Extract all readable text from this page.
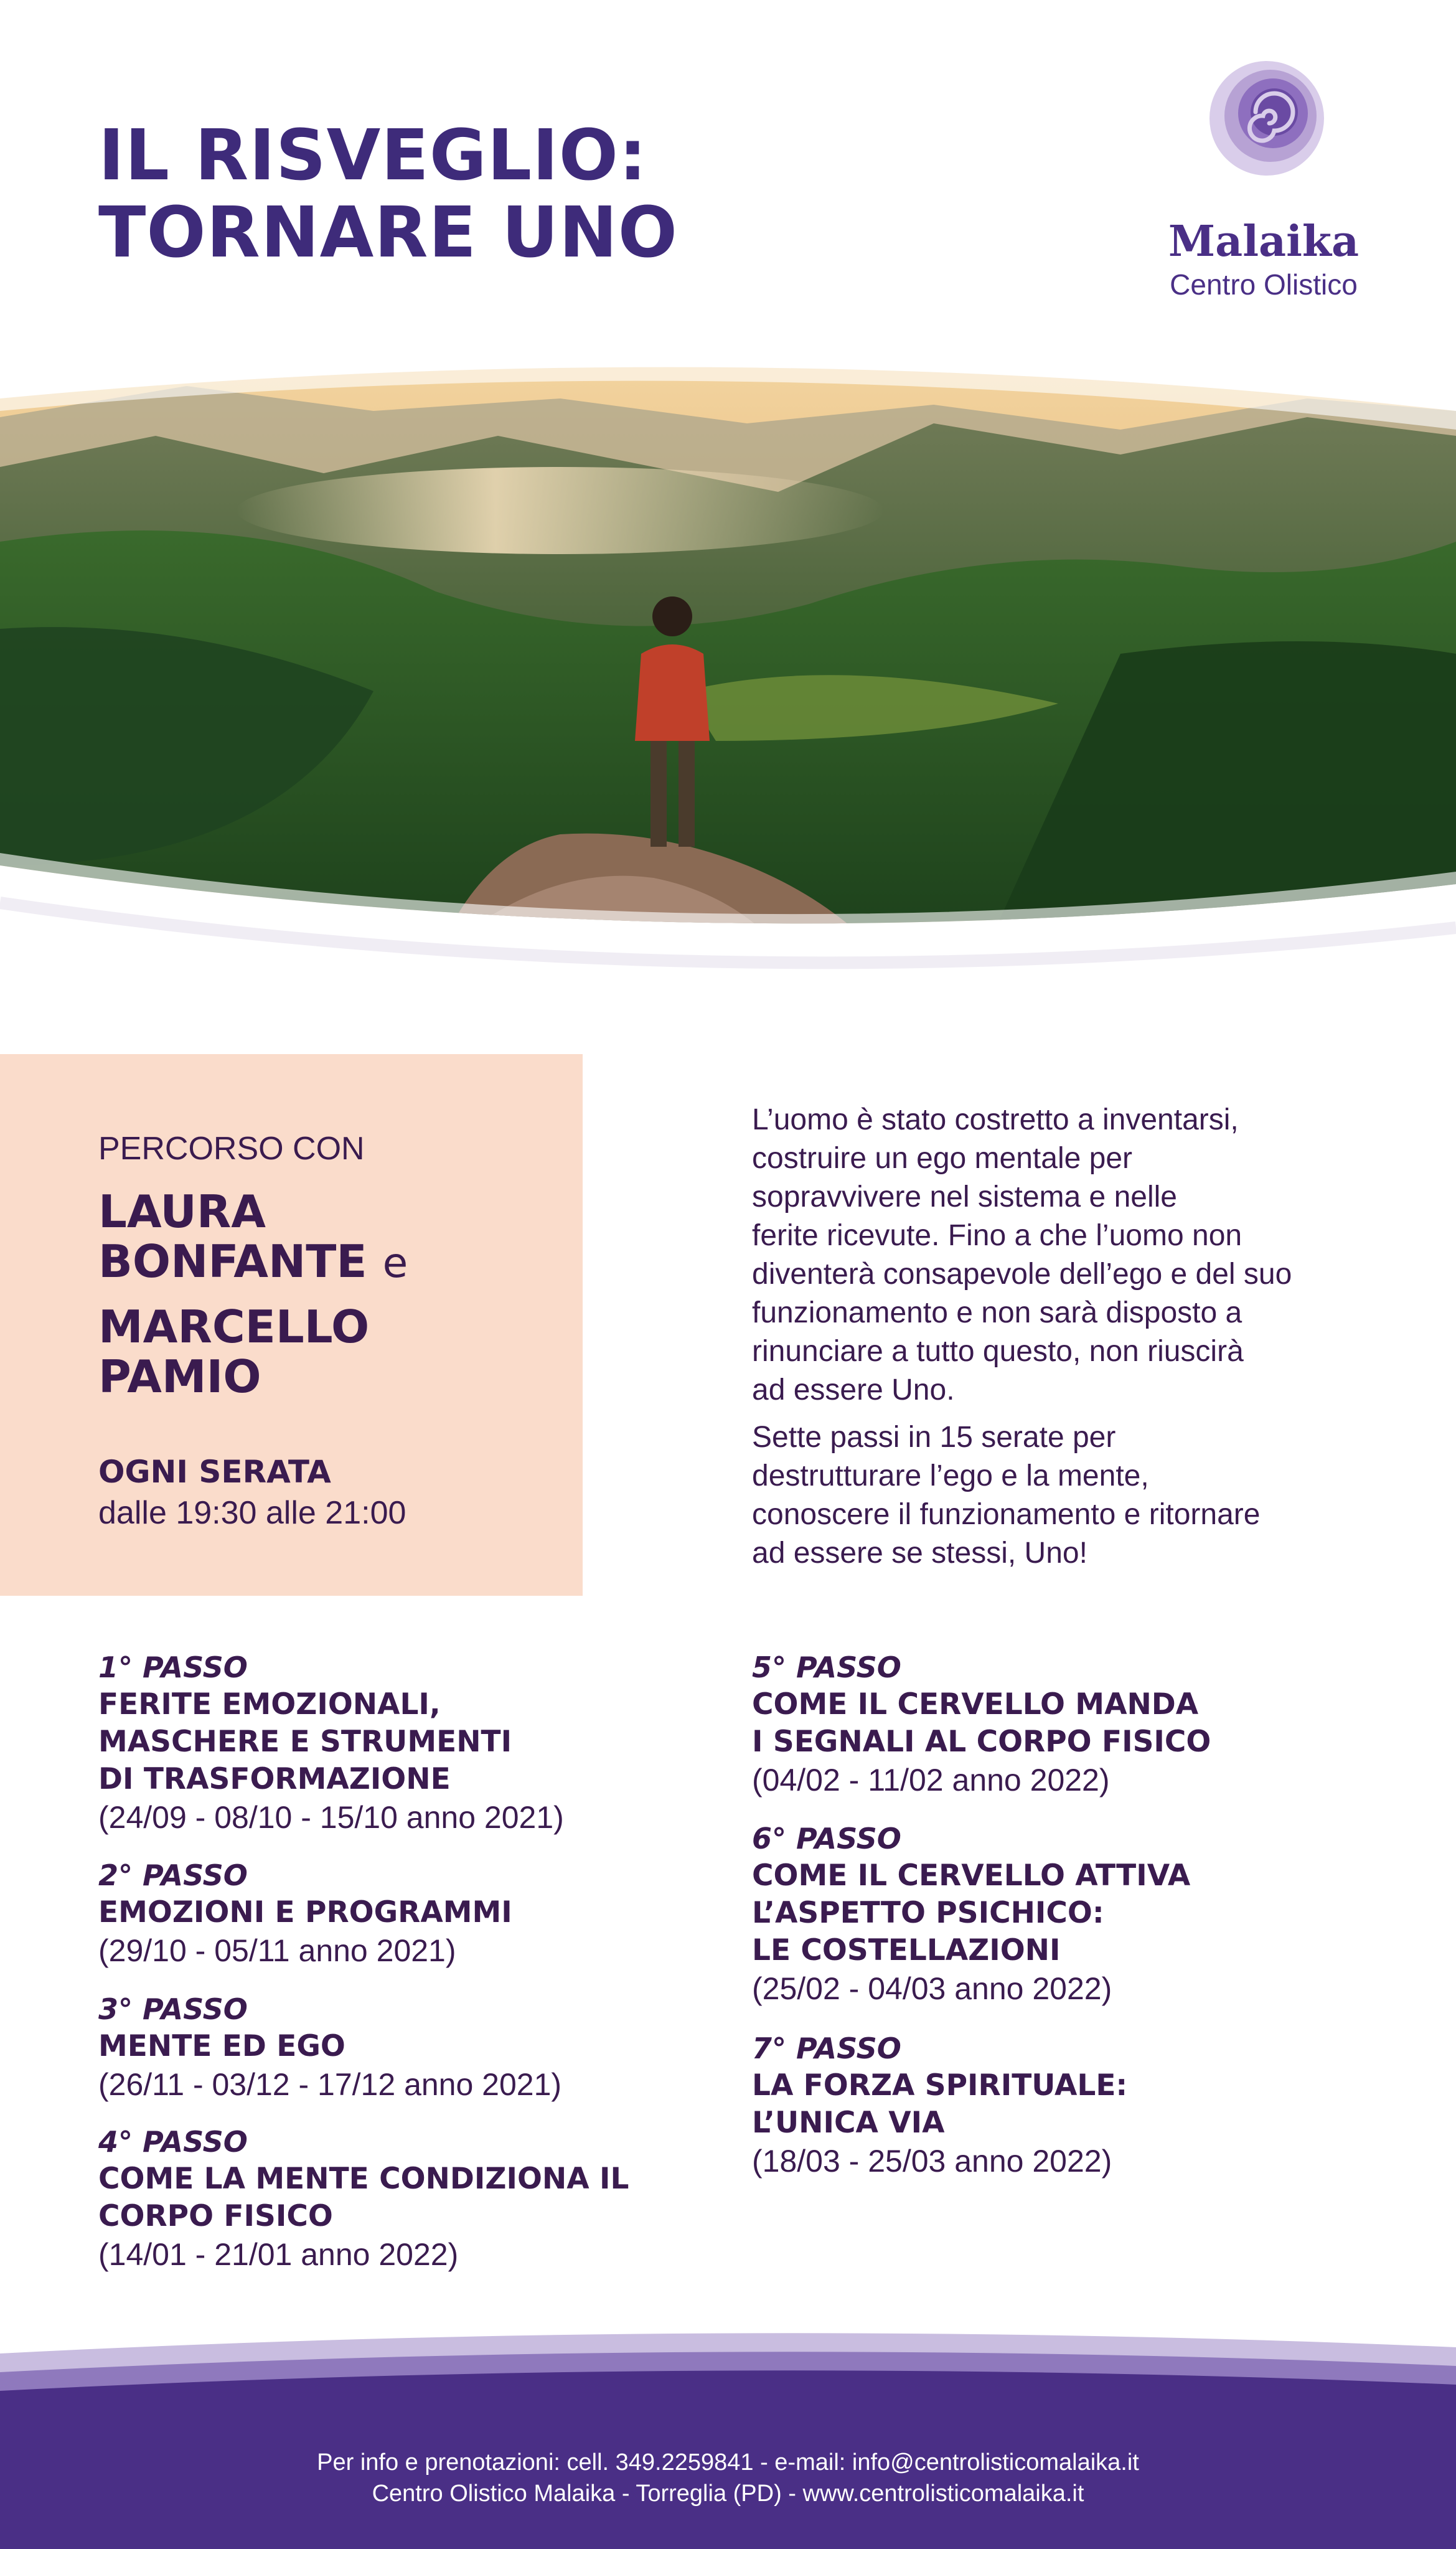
IL RISVEGLIO:
TORNARE UNO	Malaika
Centro Olistico
PERCORSO CON
LAURA
BONFANTE e
MARCELLO
PAMIO
OGNI SERATA
dalle 19:30 alle 21:00
L’uomo è stato costretto a inventarsi,
costruire un ego mentale per
sopravvivere nel sistema e nelle
ferite ricevute. Fino a che l’uomo non
diventerà consapevole dell’ego e del suo
funzionamento e non sarà disposto a
rinunciare a tutto questo, non riuscirà
ad essere Uno.
Sette passi in 15 serate per
destrutturare l’ego e la mente,
conoscere il funzionamento e ritornare
ad essere se stessi, Uno!
1° PASSO
FERITE EMOZIONALI,
MASCHERE E STRUMENTI
DI TRASFORMAZIONE
(24/09 - 08/10 - 15/10 anno 2021)
2° PASSO
EMOZIONI E PROGRAMMI
(29/10 - 05/11 anno 2021)
3° PASSO
MENTE ED EGO
(26/11 - 03/12 - 17/12 anno 2021)
4° PASSO
COME LA MENTE CONDIZIONA IL
CORPO FISICO
(14/01 - 21/01 anno 2022)
5° PASSO
COME IL CERVELLO MANDA
I SEGNALI AL CORPO FISICO
(04/02 - 11/02 anno 2022)
6° PASSO
COME IL CERVELLO ATTIVA
L’ASPETTO PSICHICO:
LE COSTELLAZIONI
(25/02 - 04/03 anno 2022)
7° PASSO
LA FORZA SPIRITUALE:
L’UNICA VIA
(18/03 - 25/03 anno 2022)
Per info e prenotazioni: cell. 349.2259841 - e-mail: info@centrolisticomalaika.it
Centro Olistico Malaika - Torreglia (PD) - www.centrolisticomalaika.it
